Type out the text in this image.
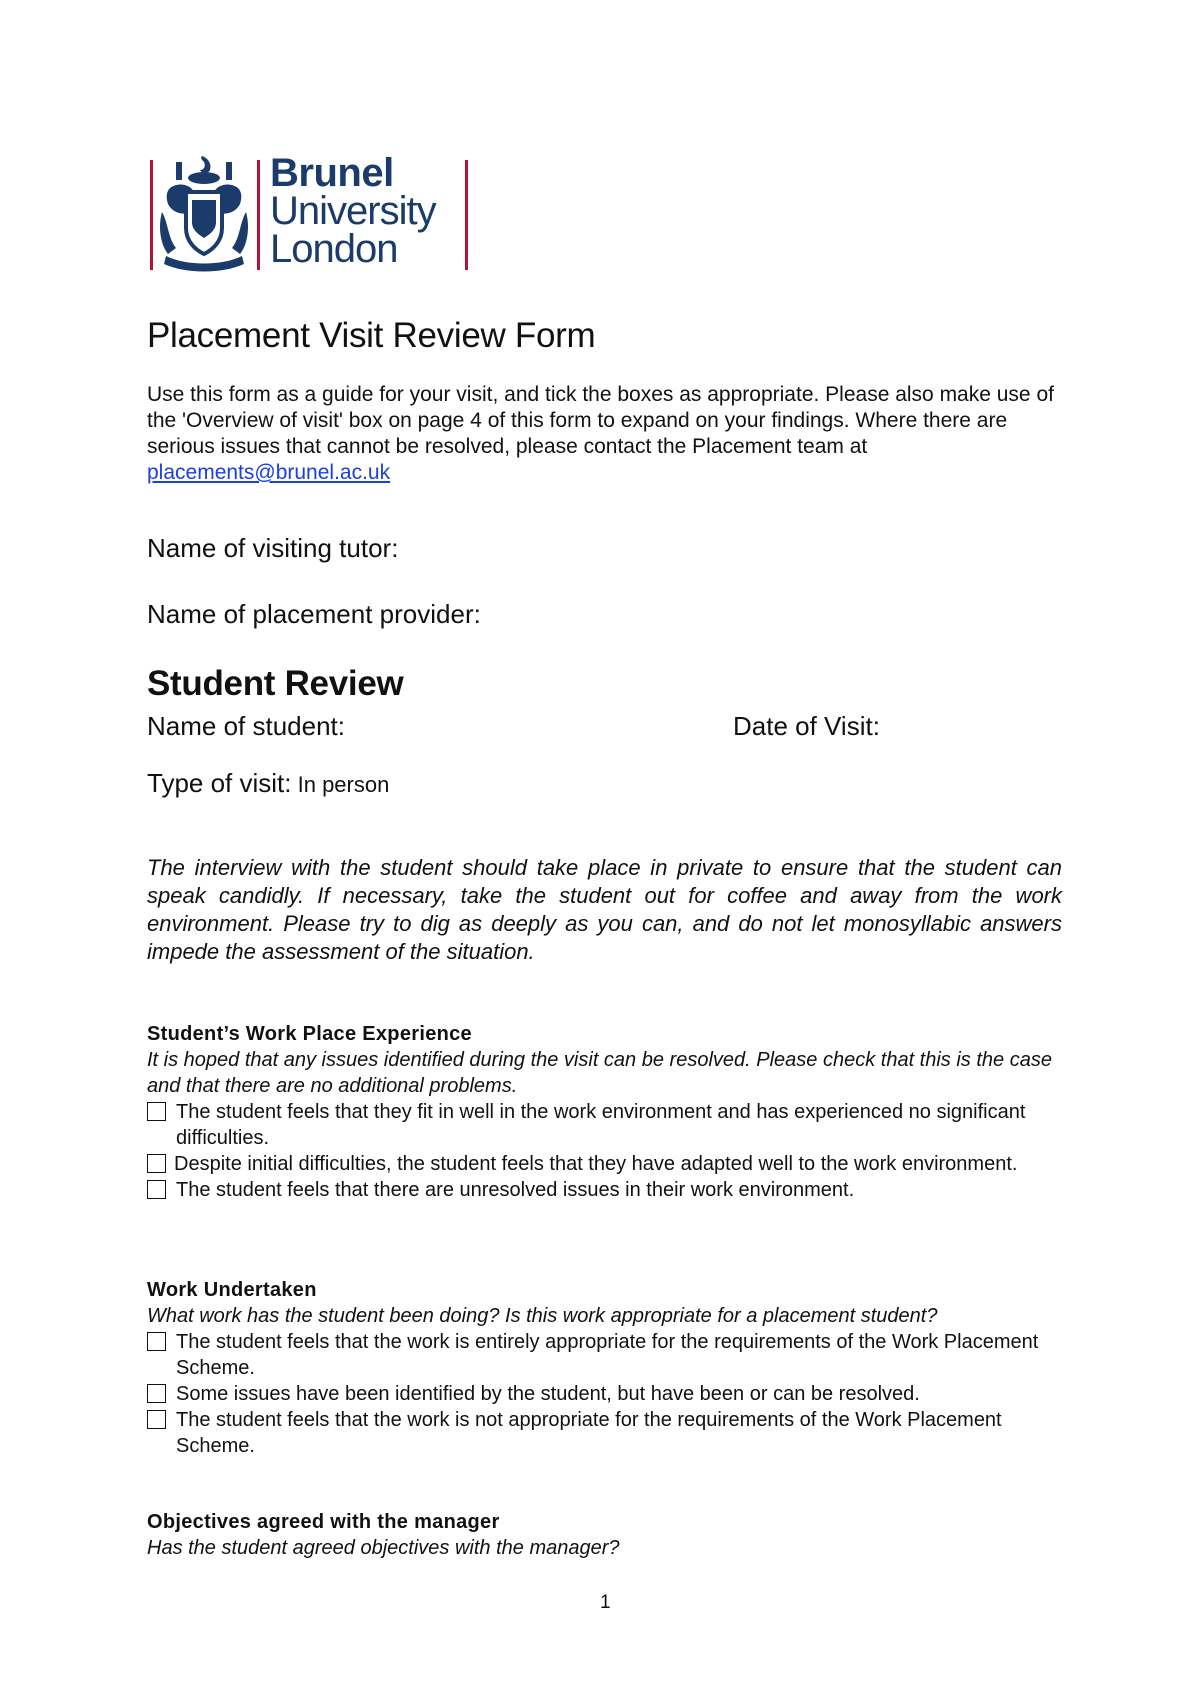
Brunel
University
London
Placement Visit Review Form

Use this form as a guide for your visit, and tick the boxes as appropriate. Please also make use of the 'Overview of visit' box on page 4 of this form to expand on your findings. Where there are serious issues that cannot be resolved, please contact the Placement team at placements@brunel.ac.uk

Name of visiting tutor:

Name of placement provider:

Student Review

Name of student:	Date of Visit:

Type of visit: In person

The interview with the student should take place in private to ensure that the student can speak candidly. If necessary, take the student out for coffee and away from the work environment. Please try to dig as deeply as you can, and do not let monosyllabic answers impede the assessment of the situation.

Student’s Work Place Experience

It is hoped that any issues identified during the visit can be resolved. Please check that this is the case and that there are no additional problems.

The student feels that they fit in well in the work environment and has experienced no significant difficulties.

Despite initial difficulties, the student feels that they have adapted well to the work environment.

The student feels that there are unresolved issues in their work environment.

Work Undertaken

What work has the student been doing? Is this work appropriate for a placement student?

The student feels that the work is entirely appropriate for the requirements of the Work Placement Scheme.

Some issues have been identified by the student, but have been or can be resolved.

The student feels that the work is not appropriate for the requirements of the Work Placement Scheme.

Objectives agreed with the manager

Has the student agreed objectives with the manager?

1
